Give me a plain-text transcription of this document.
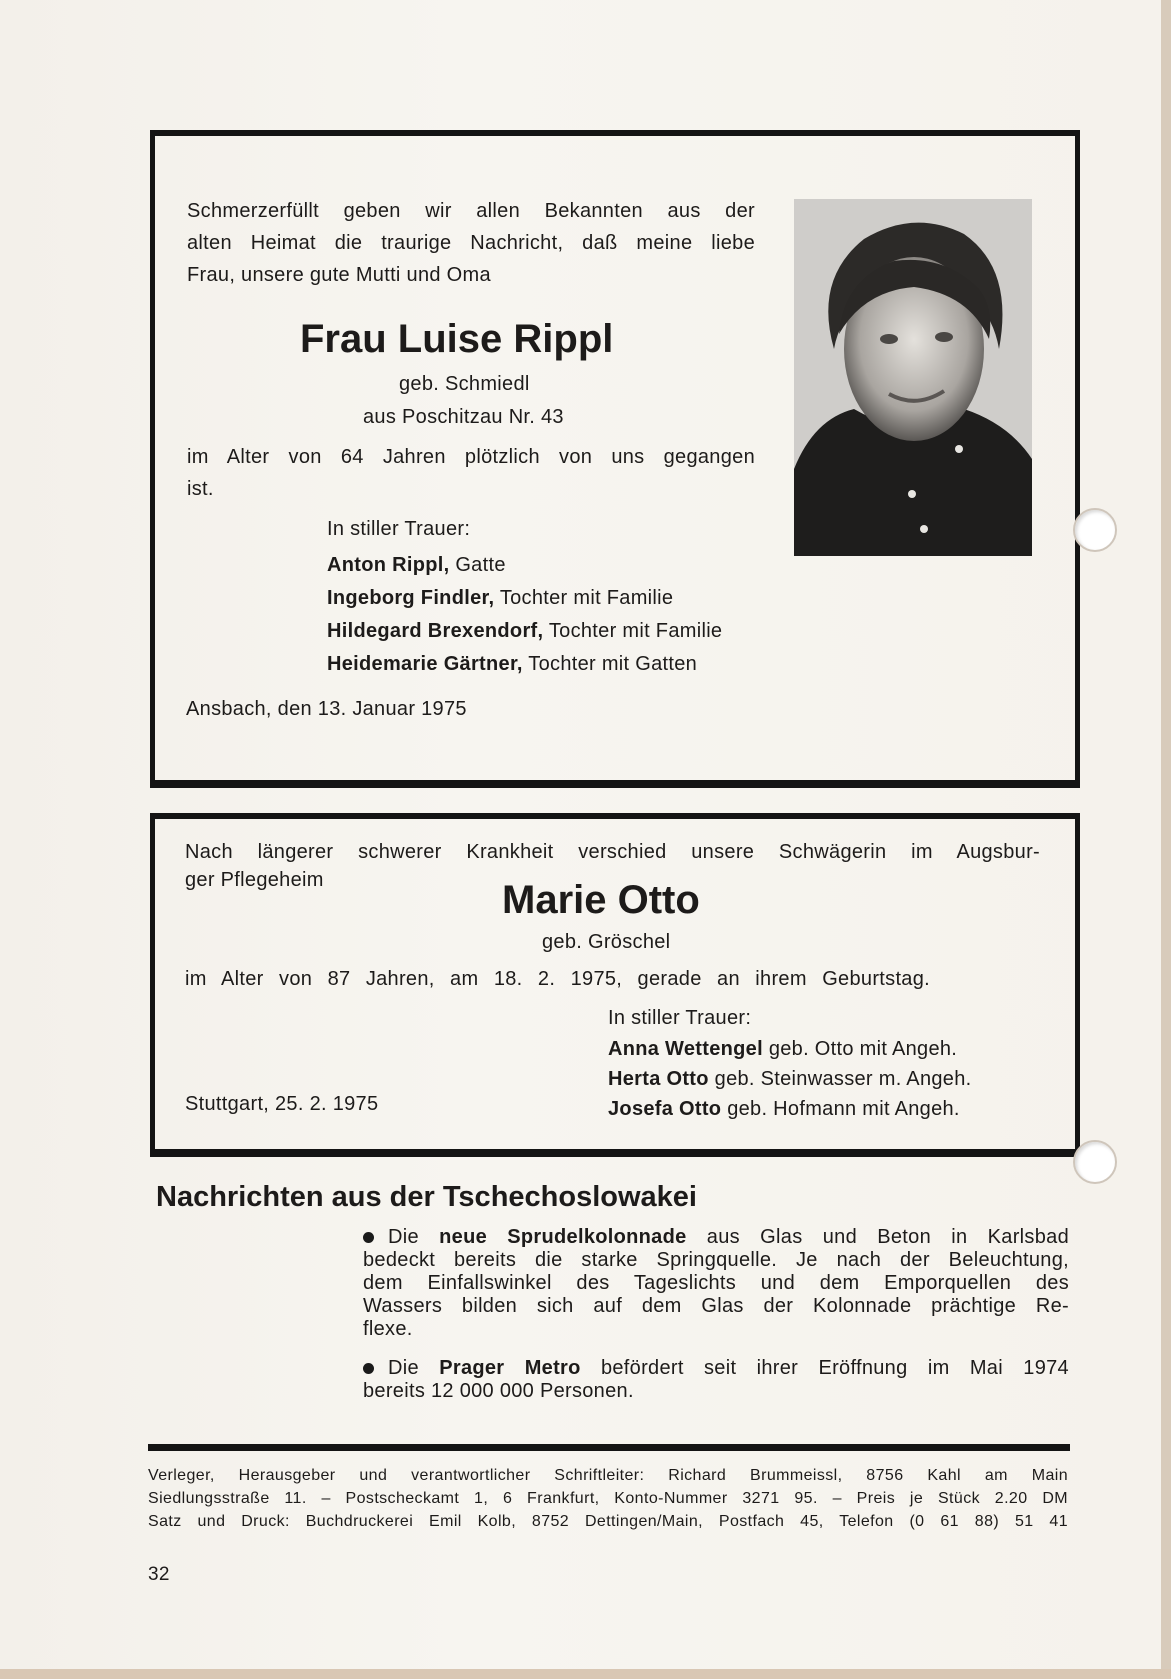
Schmerzerfüllt geben wir allen Bekannten aus der
alten Heimat die traurige Nachricht, daß meine liebe
Frau, unsere gute Mutti und Oma
Frau Luise Rippl
geb. Schmiedl
aus Poschitzau Nr. 43
im Alter von 64 Jahren plötzlich von uns gegangen
ist.
In stiller Trauer:
Anton Rippl, Gatte
Ingeborg Findler, Tochter mit Familie
Hildegard Brexendorf, Tochter mit Familie
Heidemarie Gärtner, Tochter mit Gatten
Ansbach, den 13. Januar 1975
Nach längerer schwerer Krankheit verschied unsere Schwägerin im Augsbur-
ger Pflegeheim	Marie Otto
geb. Gröschel
im Alter von 87 Jahren, am 18. 2. 1975, gerade an ihrem Geburtstag.
In stiller Trauer:
Anna Wettengel geb. Otto mit Angeh.
Herta Otto geb. Steinwasser m. Angeh.
Josefa Otto geb. Hofmann mit Angeh.
Stuttgart, 25. 2. 1975
Nachrichten aus der Tschechoslowakei
Die neue Sprudelkolonnade aus Glas und Beton in Karlsbad
bedeckt bereits die starke Springquelle. Je nach der Beleuchtung,
dem Einfallswinkel des Tageslichts und dem Emporquellen des
Wassers bilden sich auf dem Glas der Kolonnade prächtige Re-
flexe.
Die Prager Metro befördert seit ihrer Eröffnung im Mai 1974
bereits 12 000 000 Personen.
Verleger, Herausgeber und verantwortlicher Schriftleiter: Richard Brummeissl, 8756 Kahl am Main
Siedlungsstraße 11. – Postscheckamt 1, 6 Frankfurt, Konto-Nummer 3271 95. – Preis je Stück 2.20 DM
Satz und Druck: Buchdruckerei Emil Kolb, 8752 Dettingen/Main, Postfach 45, Telefon (0 61 88) 51 41
32
